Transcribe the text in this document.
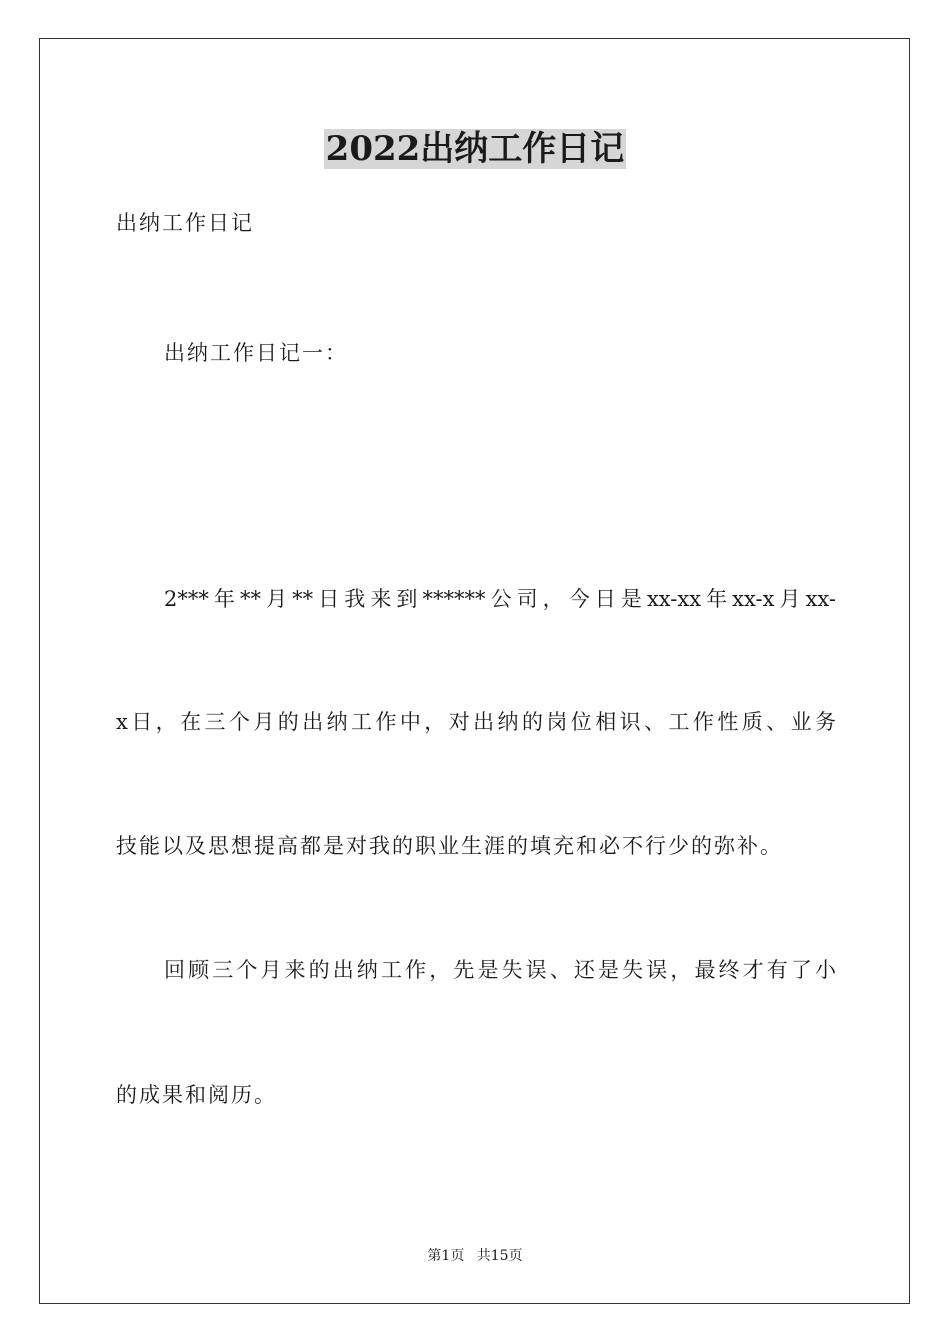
2022出纳工作日记
出纳工作日记
出纳工作日记一：
2***年**月**日我来到******公司，今日是xx-xx年xx-x月xx-
x日，在三个月的出纳工作中，对出纳的岗位相识、工作性质、业务
技能以及思想提高都是对我的职业生涯的填充和必不行少的弥补。
回顾三个月来的出纳工作，先是失误、还是失误，最终才有了小
的成果和阅历。
第1页 共15页
